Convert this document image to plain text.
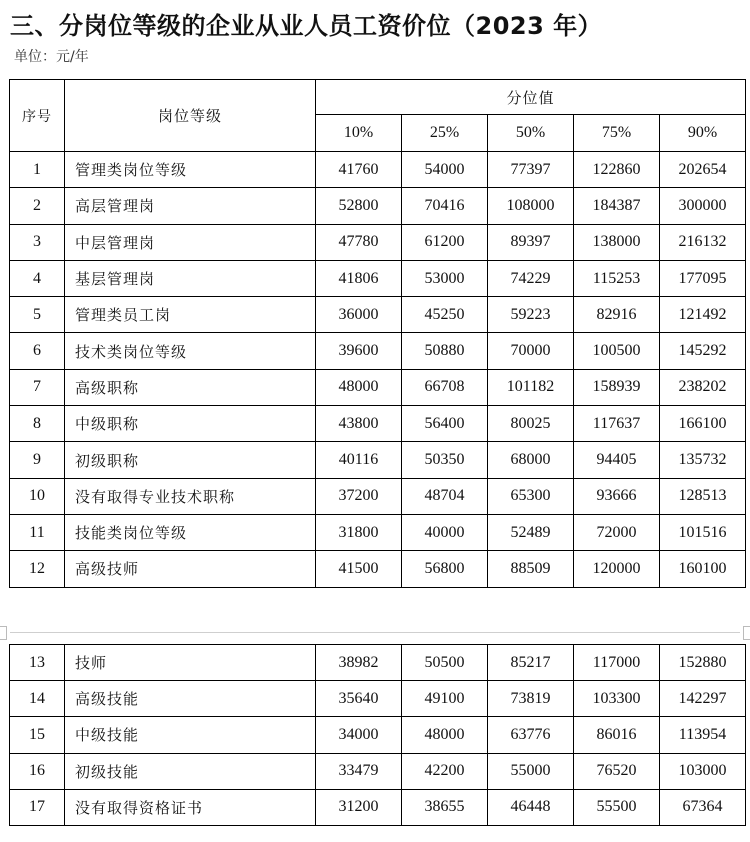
三、分岗位等级的企业从业人员工资价位（2023 年）
单位：元/年
序号	岗位等级	分位值				
		10%	25%	50%	75%	90%
1	管理类岗位等级	41760	54000	77397	122860	202654
2	高层管理岗	52800	70416	108000	184387	300000
3	中层管理岗	47780	61200	89397	138000	216132
4	基层管理岗	41806	53000	74229	115253	177095
5	管理类员工岗	36000	45250	59223	82916	121492
6	技术类岗位等级	39600	50880	70000	100500	145292
7	高级职称	48000	66708	101182	158939	238202
8	中级职称	43800	56400	80025	117637	166100
9	初级职称	40116	50350	68000	94405	135732
10	没有取得专业技术职称	37200	48704	65300	93666	128513
11	技能类岗位等级	31800	40000	52489	72000	101516
12	高级技师	41500	56800	88509	120000	160100
13	技师	38982	50500	85217	117000	152880
14	高级技能	35640	49100	73819	103300	142297
15	中级技能	34000	48000	63776	86016	113954
16	初级技能	33479	42200	55000	76520	103000
17	没有取得资格证书	31200	38655	46448	55500	67364
